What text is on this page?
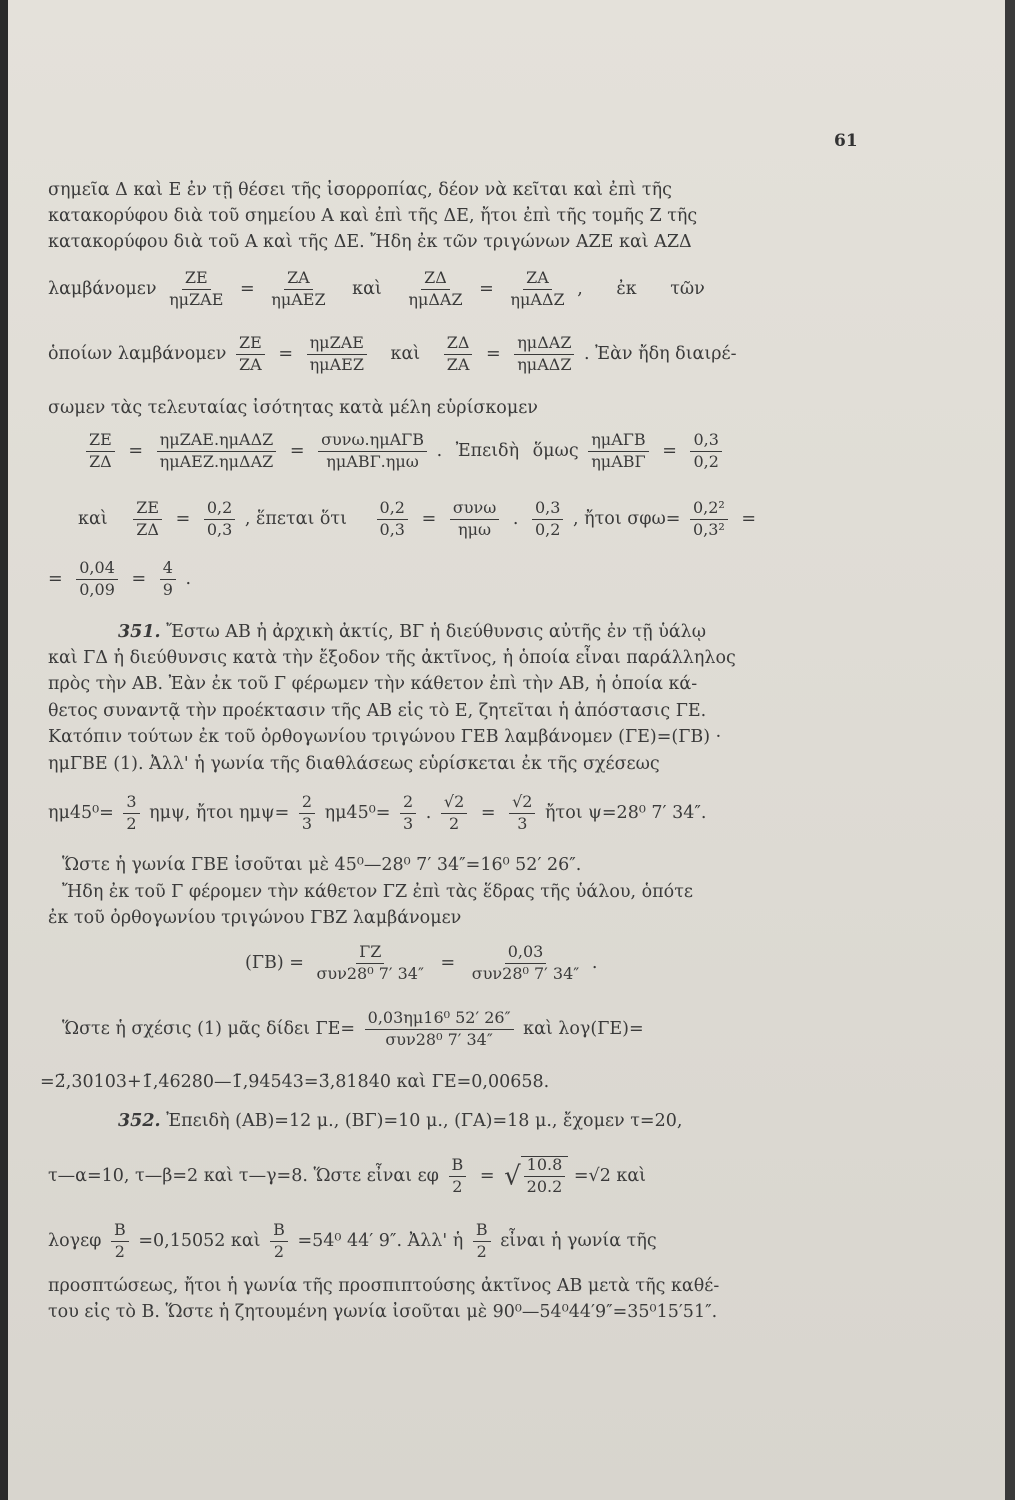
61
σημεῖα Δ καὶ Ε ἐν τῇ θέσει τῆς ἰσορροπίας, δέον νὰ κεῖται καὶ ἐπὶ τῆς
κατακορύφου διὰ τοῦ σημείου Α καὶ ἐπὶ τῆς ΔΕ, ἤτοι ἐπὶ τῆς τομῆς Ζ τῆς
κατακορύφου διὰ τοῦ Α καὶ τῆς ΔΕ. Ἤδη ἐκ τῶν τριγώνων ΑΖΕ καὶ ΑΖΔ
λαμβάνομεν $\frac{ZE}{\text{ημΖΑΕ}} = \frac{ZA}{\text{ημΑΕΖ}}$ καὶ $\frac{Z\Delta}{\text{ημΔΑΖ}} = \frac{ZA}{\text{ημΑΔΖ}}$ , ἐκ τῶν
ὁποίων λαμβάνομεν $\frac{ZE}{ZA} = \frac{\text{ημΖΑΕ}}{\text{ημΑΕΖ}}$ καὶ $\frac{Z\Delta}{ZA} = \frac{\text{ημΔΑΖ}}{\text{ημΑΔΖ}}$ . Ἐὰν ἤδη διαιρέ-
σωμεν τὰς τελευταίας ἰσότητας κατὰ μέλη εὑρίσκομεν
$\frac{ZE}{Z\Delta} = \frac{\text{ημΖΑΕ.ημΑΔΖ}}{\text{ημΑΕΖ.ημΔΑΖ}} = \frac{\text{συνω.ημΑΓΒ}}{\text{ημΑΒΓ.ημω}}$ . Ἐπειδὴ ὅμως $\frac{\text{ημΑΓΒ}}{\text{ημΑΒΓ}} = \frac{0,3}{0,2}$
καὶ $\frac{ZE}{Z\Delta} = \frac{0,2}{0,3}$ , ἕπεται ὅτι $\frac{0,2}{0,3} = \frac{\text{συνω}}{\text{ημω}}$ . $\frac{0,3}{0,2}$ , ἤτοι $\sigma\varphi\omega= \frac{\text{0,2²}}{\text{0,3²}}$ =
= $\frac{0,04}{0,09} = \frac{4}{9}$ .
351. Ἔστω ΑΒ ἡ ἀρχικὴ ἀκτίς, ΒΓ ἡ διεύθυνσις αὐτῆς ἐν τῇ ὑάλῳ
καὶ ΓΔ ἡ διεύθυνσις κατὰ τὴν ἔξοδον τῆς ἀκτῖνος, ἡ ὁποία εἶναι παράλληλος
πρὸς τὴν ΑΒ. Ἐὰν ἐκ τοῦ Γ φέρωμεν τὴν κάθετον ἐπὶ τὴν ΑΒ, ἡ ὁποία κά-
θετος συναντᾷ τὴν προέκτασιν τῆς ΑΒ εἰς τὸ Ε, ζητεῖται ἡ ἀπόστασις ΓΕ.
Κατόπιν τούτων ἐκ τοῦ ὀρθογωνίου τριγώνου ΓΕΒ λαμβάνομεν (ΓΕ)=(ΓΒ) ·
ημΓΒΕ (1). Ἀλλ' ἡ γωνία τῆς διαθλάσεως εὑρίσκεται ἐκ τῆς σχέσεως
$\eta\mu 45^0= \frac{3}{2} \eta\mu\psi$, ἤτοι $\eta\mu\psi= \frac{2}{3} \eta\mu 45^0= \frac{2}{3}$ . $\frac{√2}{2} = \frac{√2}{3}$ ἤτοι ψ=28⁰ 7′ 34″.
Ὥστε ἡ γωνία ΓΒΕ ἰσοῦται μὲ 45⁰—28⁰ 7′ 34″=16⁰ 52′ 26″.
Ἤδη ἐκ τοῦ Γ φέρομεν τὴν κάθετον ΓΖ ἐπὶ τὰς ἕδρας τῆς ὑάλου, ὁπότε
ἐκ τοῦ ὀρθογωνίου τριγώνου ΓΒΖ λαμβάνομεν
$(\Gamma B) = \frac{\Gamma Z}{\text{συν28⁰ 7′ 34″}} = \frac{0,03}{\text{συν28⁰ 7′ 34″}}$ .
Ὥστε ἡ σχέσις (1) μᾶς δίδει $\Gamma E= \frac{\text{0,03ημ16⁰ 52′ 26″}}{\text{συν28⁰ 7′ 34″}}$ καὶ λογ(ΓΕ)=
=2̄,30103+1̄,46280—1̄,94543=3̄,81840 καὶ ΓΕ=0,00658.
352. Ἐπειδὴ (ΑΒ)=12 μ., (ΒΓ)=10 μ., (ΓΑ)=18 μ., ἔχομεν τ=20,
τ—α=10, τ—β=2 καὶ τ—γ=8. Ὥστε εἶναι εφ $\frac{B}{2}$ = √ $\frac{10.8}{20.2} =√2$ καὶ
λογεφ $\frac{B}{2} =0,15052$ καὶ $\frac{B}{2} =54^0$ 44′ 9″. Ἀλλ' ἡ $\frac{B}{2}$ εἶναι ἡ γωνία τῆς
προσπτώσεως, ἤτοι ἡ γωνία τῆς προσπιπτούσης ἀκτῖνος ΑΒ μετὰ τῆς καθέ-
του εἰς τὸ Β. Ὥστε ἡ ζητουμένη γωνία ἰσοῦται μὲ 90⁰—54⁰44′9″=35⁰15′51″.
